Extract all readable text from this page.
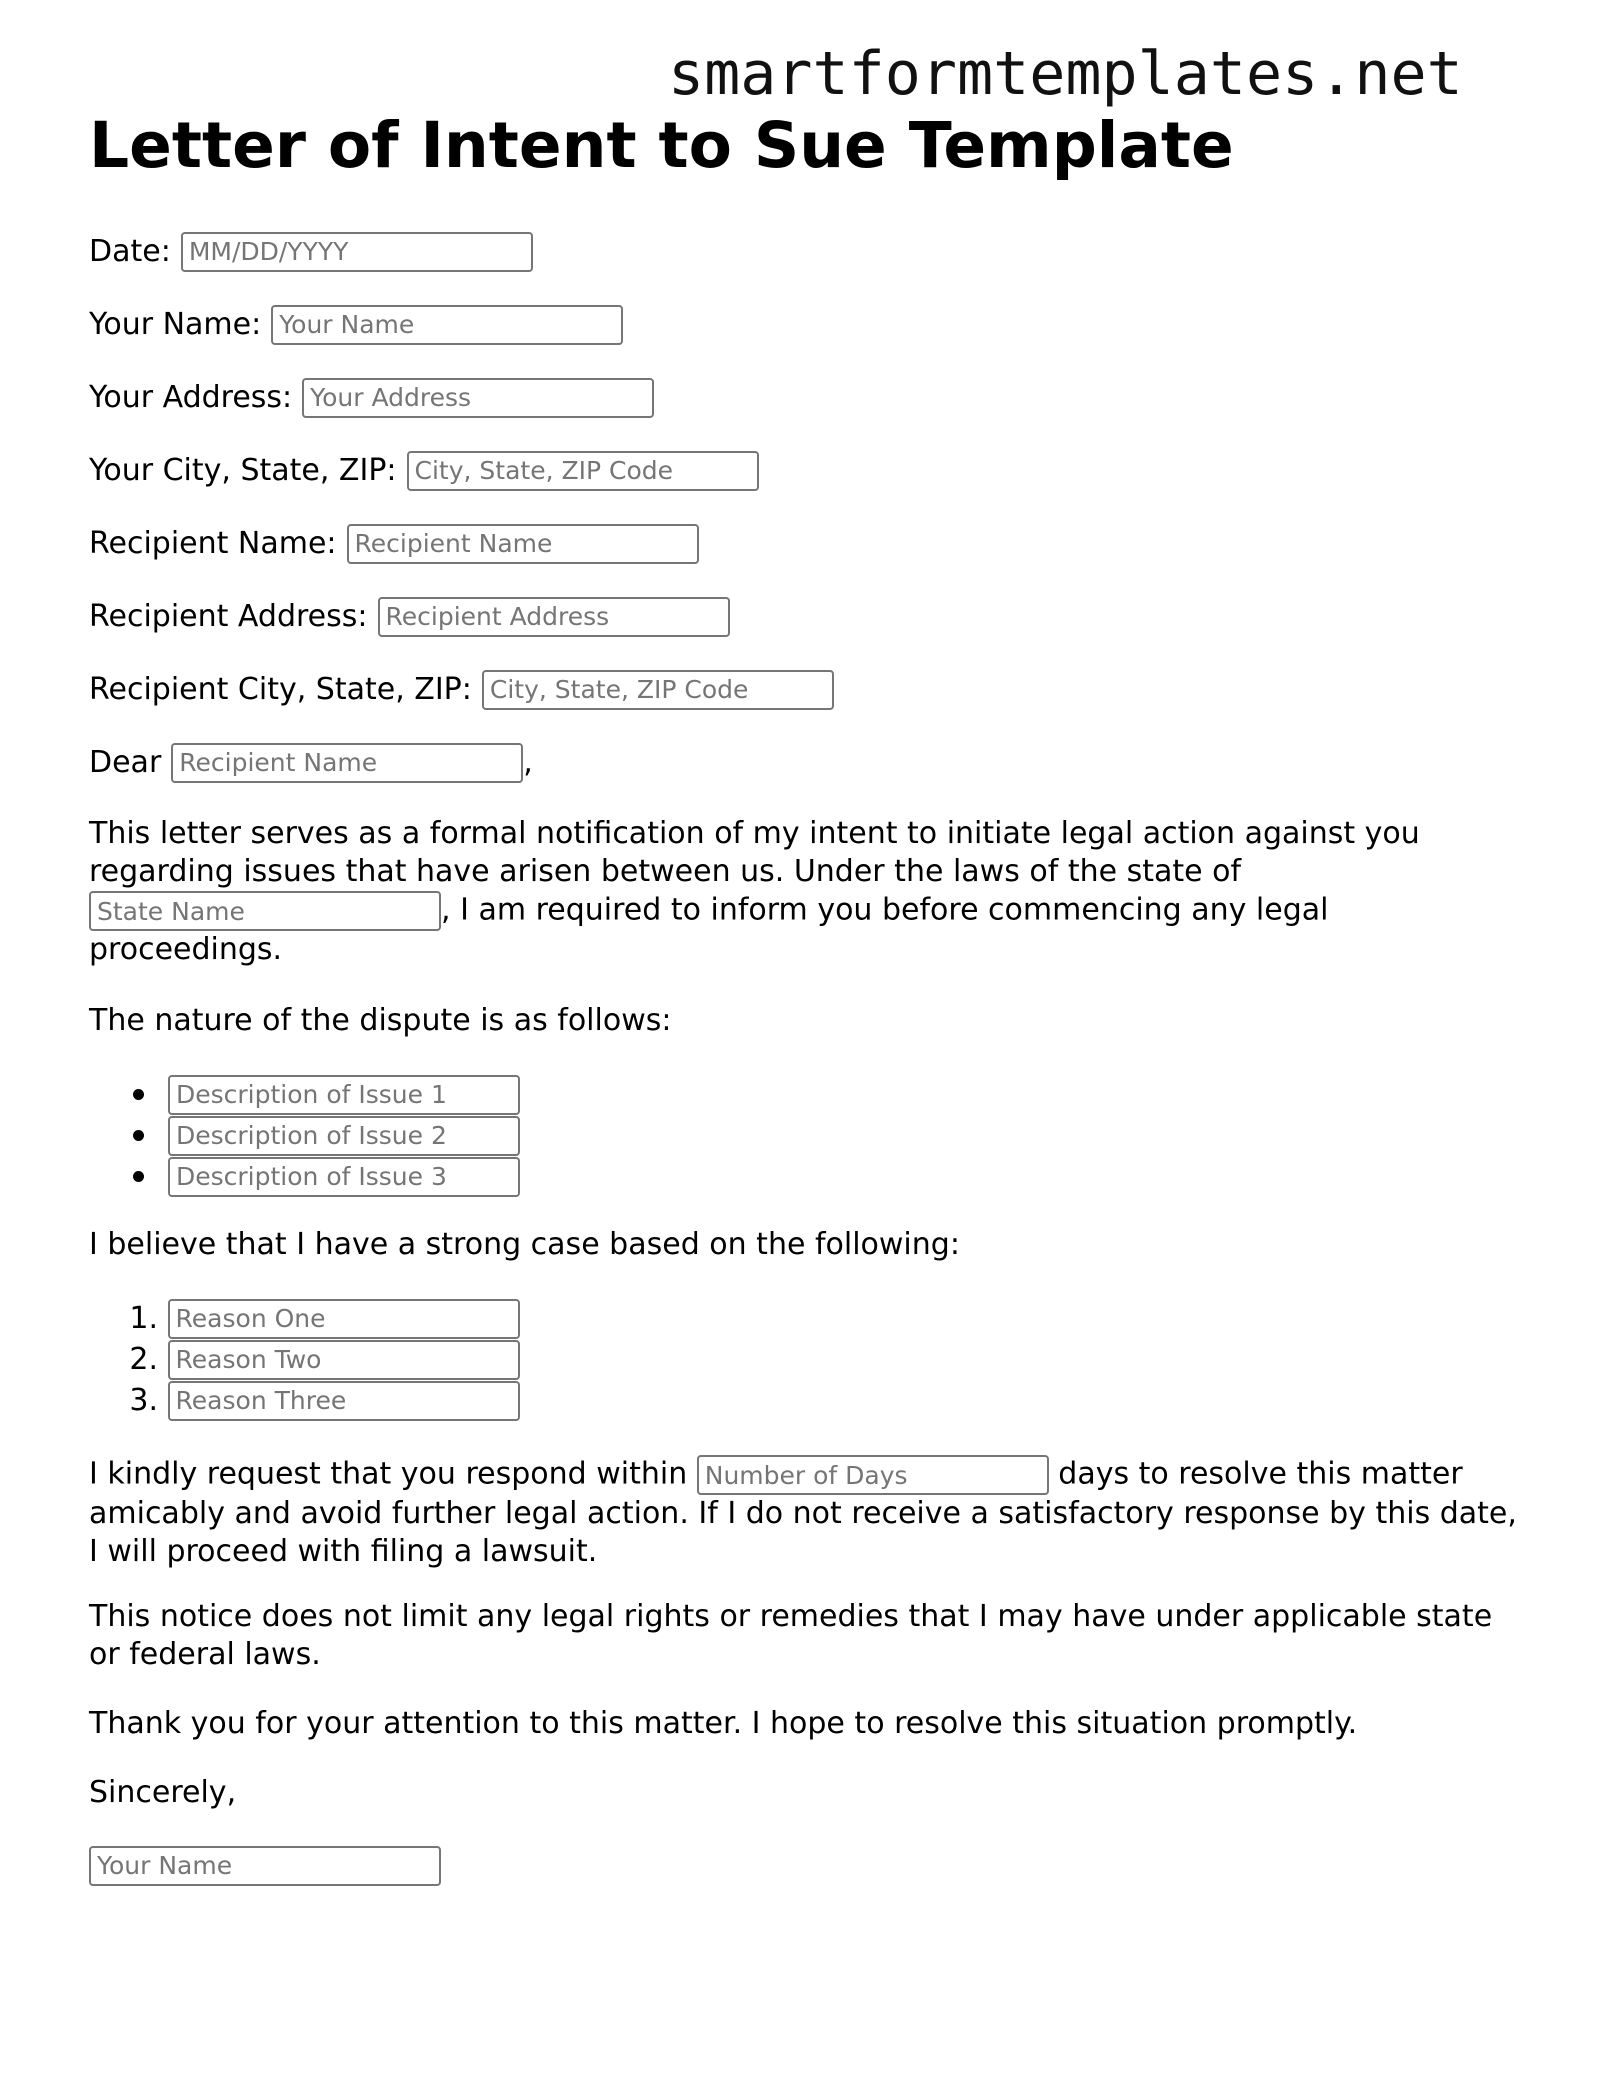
smartformtemplates.net
Letter of Intent to Sue Template
Date:MM/DD/YYYY
Your Name:Your Name
Your Address:Your Address
Your City, State, ZIP:City, State, ZIP Code
Recipient Name:Recipient Name
Recipient Address:Recipient Address
Recipient City, State, ZIP:City, State, ZIP Code
DearRecipient Name	,

This letter serves as a formal notification of my intent to initiate legal action against you regarding issues that have arisen between us. Under the laws of the state of State Name, I am required to inform you before commencing any legal proceedings.

The nature of the dispute is as follows:

Description of Issue 1
Description of Issue 2
Description of Issue 3

I believe that I have a strong case based on the following:

1. Reason One
2. Reason Two
3. Reason Three

I kindly request that you respond within Number of Days	days to resolve this matter amicably and avoid further legal action. If I do not receive a satisfactory response by this date, I will proceed with filing a lawsuit.

This notice does not limit any legal rights or remedies that I may have under applicable state or federal laws.

Thank you for your attention to this matter. I hope to resolve this situation promptly.

Sincerely,

Your Name
